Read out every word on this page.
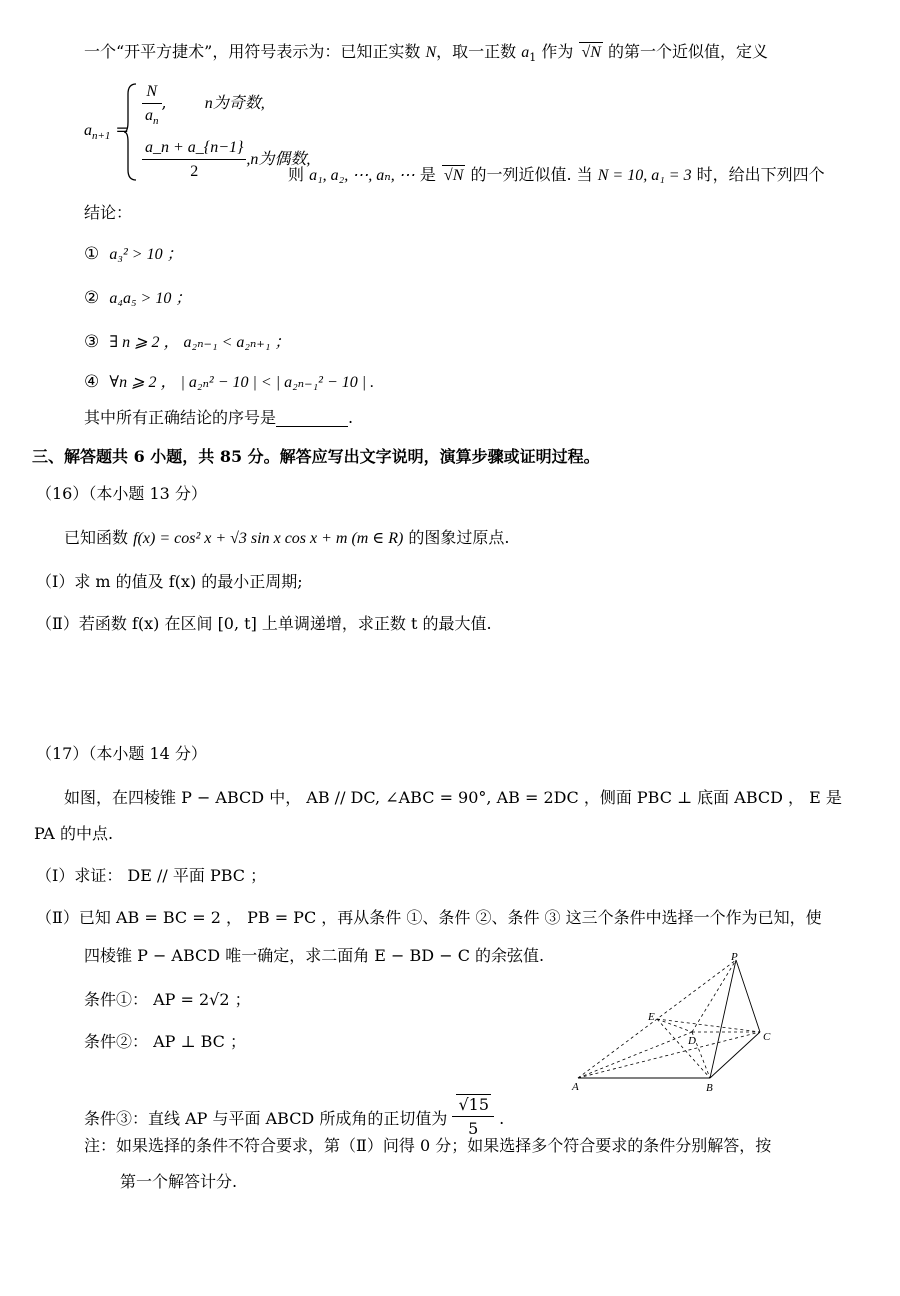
一个“开平方捷术”，用符号表示为：已知正实数 N，取一正数 $a_1$ 作为 √N 的第一个近似值，定义
$a_{n+1}$ =
$\frac{N}{a_n}$ ,  n为奇数,
$\frac{a\_n + a\_\{n-1\}}{2} ,n$为偶数,
则 a₁, a₂, ⋯, aₙ, ⋯ 是 √N 的一列近似值. 当 N = 10, a₁ = 3 时，给出下列四个
结论：
① a₃² > 10 ；
② a₄a₅ > 10 ；
③ ∃ n ⩾ 2 ， a₂ₙ₋₁ < a₂ₙ₊₁ ；
④ ∀n ⩾ 2 ， | a₂ₙ² − 10 | < | a₂ₙ₋₁² − 10 | .
其中所有正确结论的序号是	.
三、解答题共 6 小题，共 85 分。解答应写出文字说明，演算步骤或证明过程。
（16）（本小题 13 分）
已知函数 f(x) = cos² x + √3 sin x cos x + m (m ∈ R) 的图象过原点.
（Ⅰ）求 m 的值及 f(x) 的最小正周期;
（Ⅱ）若函数 f(x) 在区间 [0, t] 上单调递增，求正数 t 的最大值.
（17）（本小题 14 分）
如图，在四棱锥 P − ABCD 中， AB // DC, ∠ABC = 90°, AB = 2DC ，侧面 PBC ⊥ 底面 ABCD ， E 是
PA 的中点.
（Ⅰ）求证： DE // 平面 PBC ；
（Ⅱ）已知 AB = BC = 2 ， PB = PC ，再从条件 ①、条件 ②、条件 ③ 这三个条件中选择一个作为已知，使
四棱锥 P − ABCD 唯一确定，求二面角 E − BD − C 的余弦值.
条件①： AP = 2√2 ；
条件②： AP ⊥ BC ；
条件③：直线 AP 与平面 ABCD 所成角的正切值为 $\frac{√15}{5}$ .
注：如果选择的条件不符合要求，第（Ⅱ）问得 0 分；如果选择多个符合要求的条件分别解答，按
第一个解答计分.
P
E
D	C
A	B
